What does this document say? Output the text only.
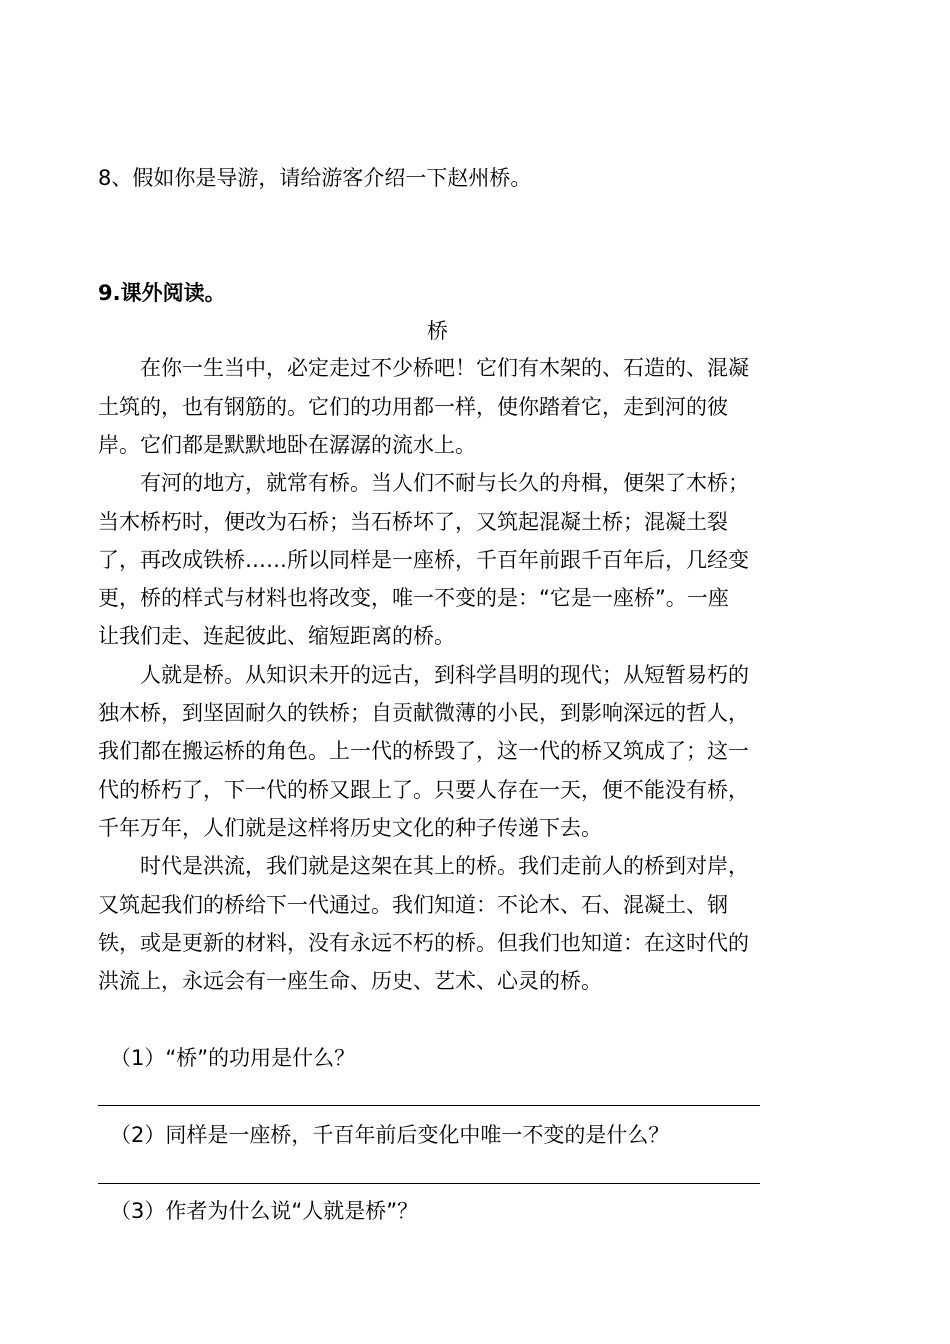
8、假如你是导游，请给游客介绍一下赵州桥。
9.课外阅读。
桥
　　在你一生当中，必定走过不少桥吧！它们有木架的、石造的、混凝
土筑的，也有钢筋的。它们的功用都一样，使你踏着它，走到河的彼
岸。它们都是默默地卧在潺潺的流水上。
　　有河的地方，就常有桥。当人们不耐与长久的舟楫，便架了木桥；
当木桥朽时，便改为石桥；当石桥坏了，又筑起混凝土桥；混凝土裂
了，再改成铁桥……所以同样是一座桥，千百年前跟千百年后，几经变
更，桥的样式与材料也将改变，唯一不变的是：“它是一座桥”。一座
让我们走、连起彼此、缩短距离的桥。
　　人就是桥。从知识未开的远古，到科学昌明的现代；从短暂易朽的
独木桥，到坚固耐久的铁桥；自贡献微薄的小民，到影响深远的哲人，
我们都在搬运桥的角色。上一代的桥毁了，这一代的桥又筑成了；这一
代的桥朽了，下一代的桥又跟上了。只要人存在一天，便不能没有桥，
千年万年，人们就是这样将历史文化的种子传递下去。
　　时代是洪流，我们就是这架在其上的桥。我们走前人的桥到对岸，
又筑起我们的桥给下一代通过。我们知道：不论木、石、混凝土、钢
铁，或是更新的材料，没有永远不朽的桥。但我们也知道：在这时代的
洪流上，永远会有一座生命、历史、艺术、心灵的桥。
（1）“桥”的功用是什么？
（2）同样是一座桥，千百年前后变化中唯一不变的是什么？
（3）作者为什么说“人就是桥”？
